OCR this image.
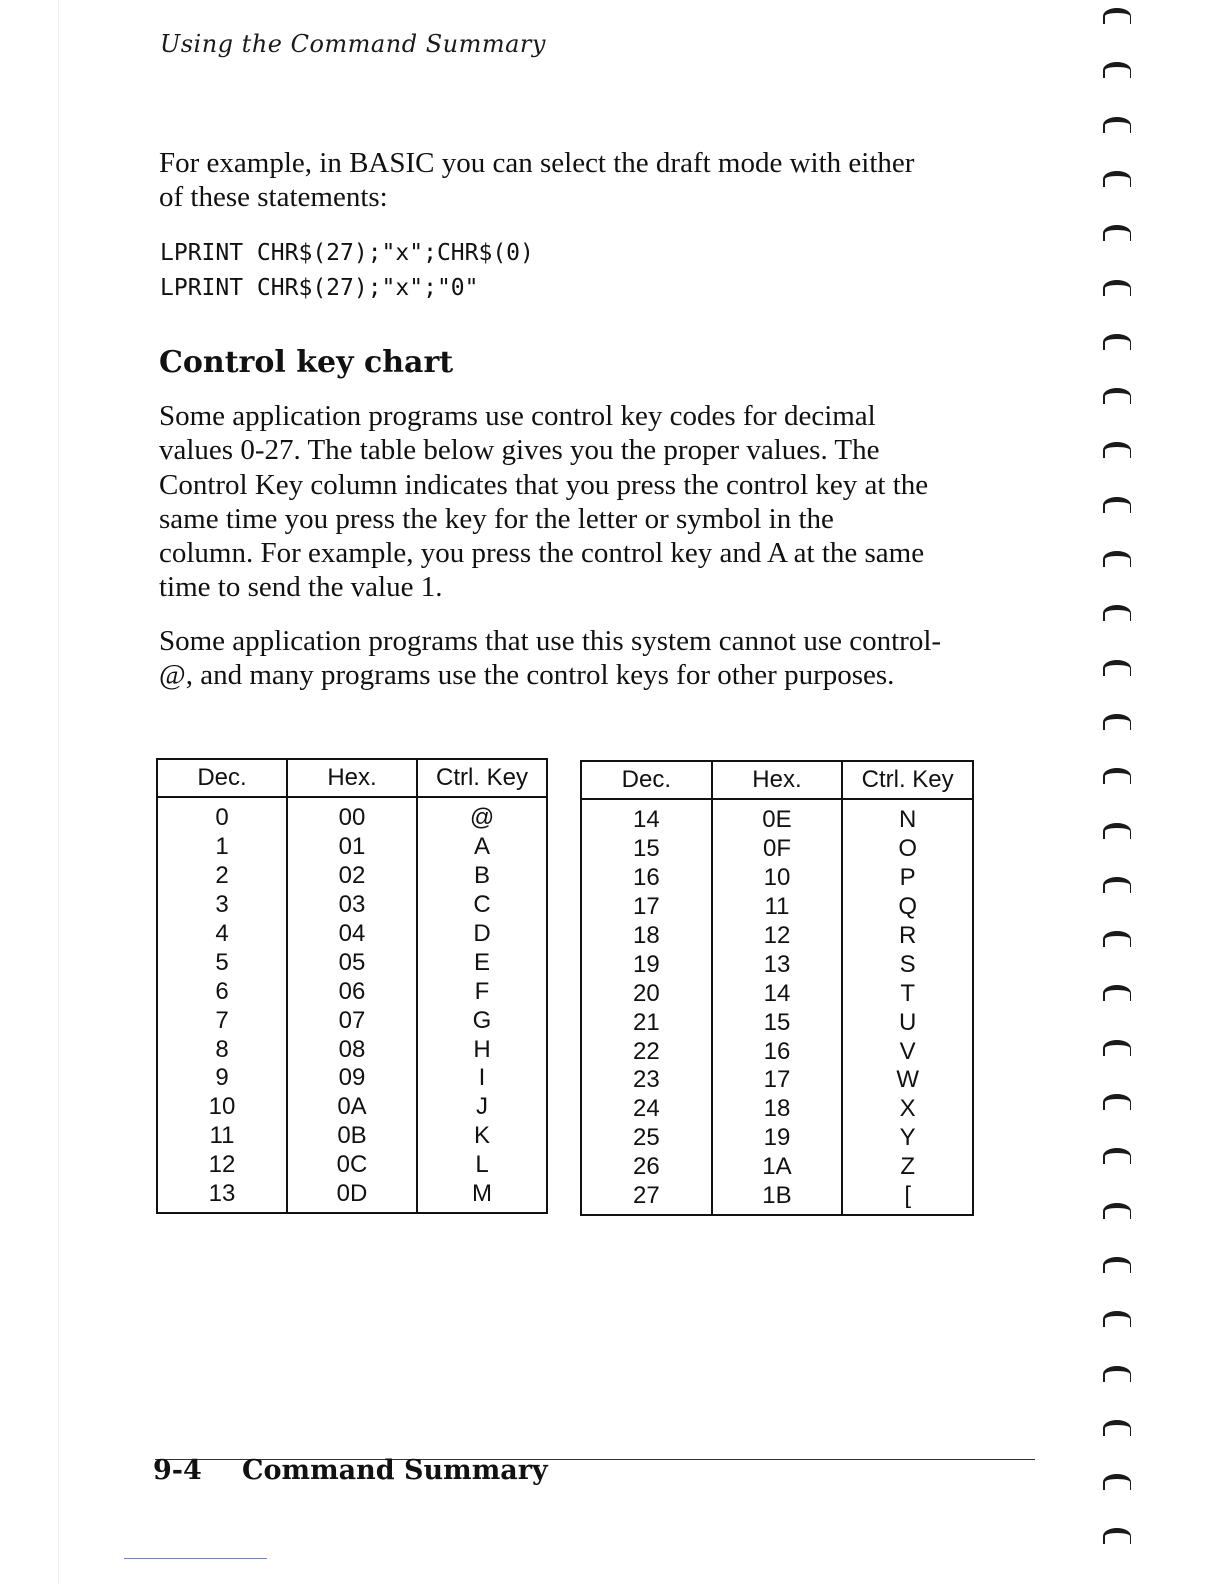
Using the Command Summary

For example, in BASIC you can select the draft mode with either
of these statements:
LPRINT CHR$(27);"x";CHR$(0)
LPRINT CHR$(27);"x";"0"
Control key chart
Some application programs use control key codes for decimal
values 0-27. The table below gives you the proper values. The
Control Key column indicates that you press the control key at the
same time you press the key for the letter or symbol in the
column. For example, you press the control key and A at the same
time to send the value 1.
Some application programs that use this system cannot use control-
@, and many programs use the control keys for other purposes.
Dec.	Hex.	Ctrl. Key
0	00	@
1	01	A
2	02	B
3	03	C
4	04	D
5	05	E
6	06	F
7	07	G
8	08	H
9	09	I
10	0A	J
11	0B	K
12	0C	L
13	0D	M
Dec.	Hex.	Ctrl. Key
14	0E	N
15	0F	O
16	10	P
17	11	Q
18	12	R
19	13	S
20	14	T
21	15	U
22	16	V
23	17	W
24	18	X
25	19	Y
26	1A	Z
27	1B	[

9-4 Command Summary
